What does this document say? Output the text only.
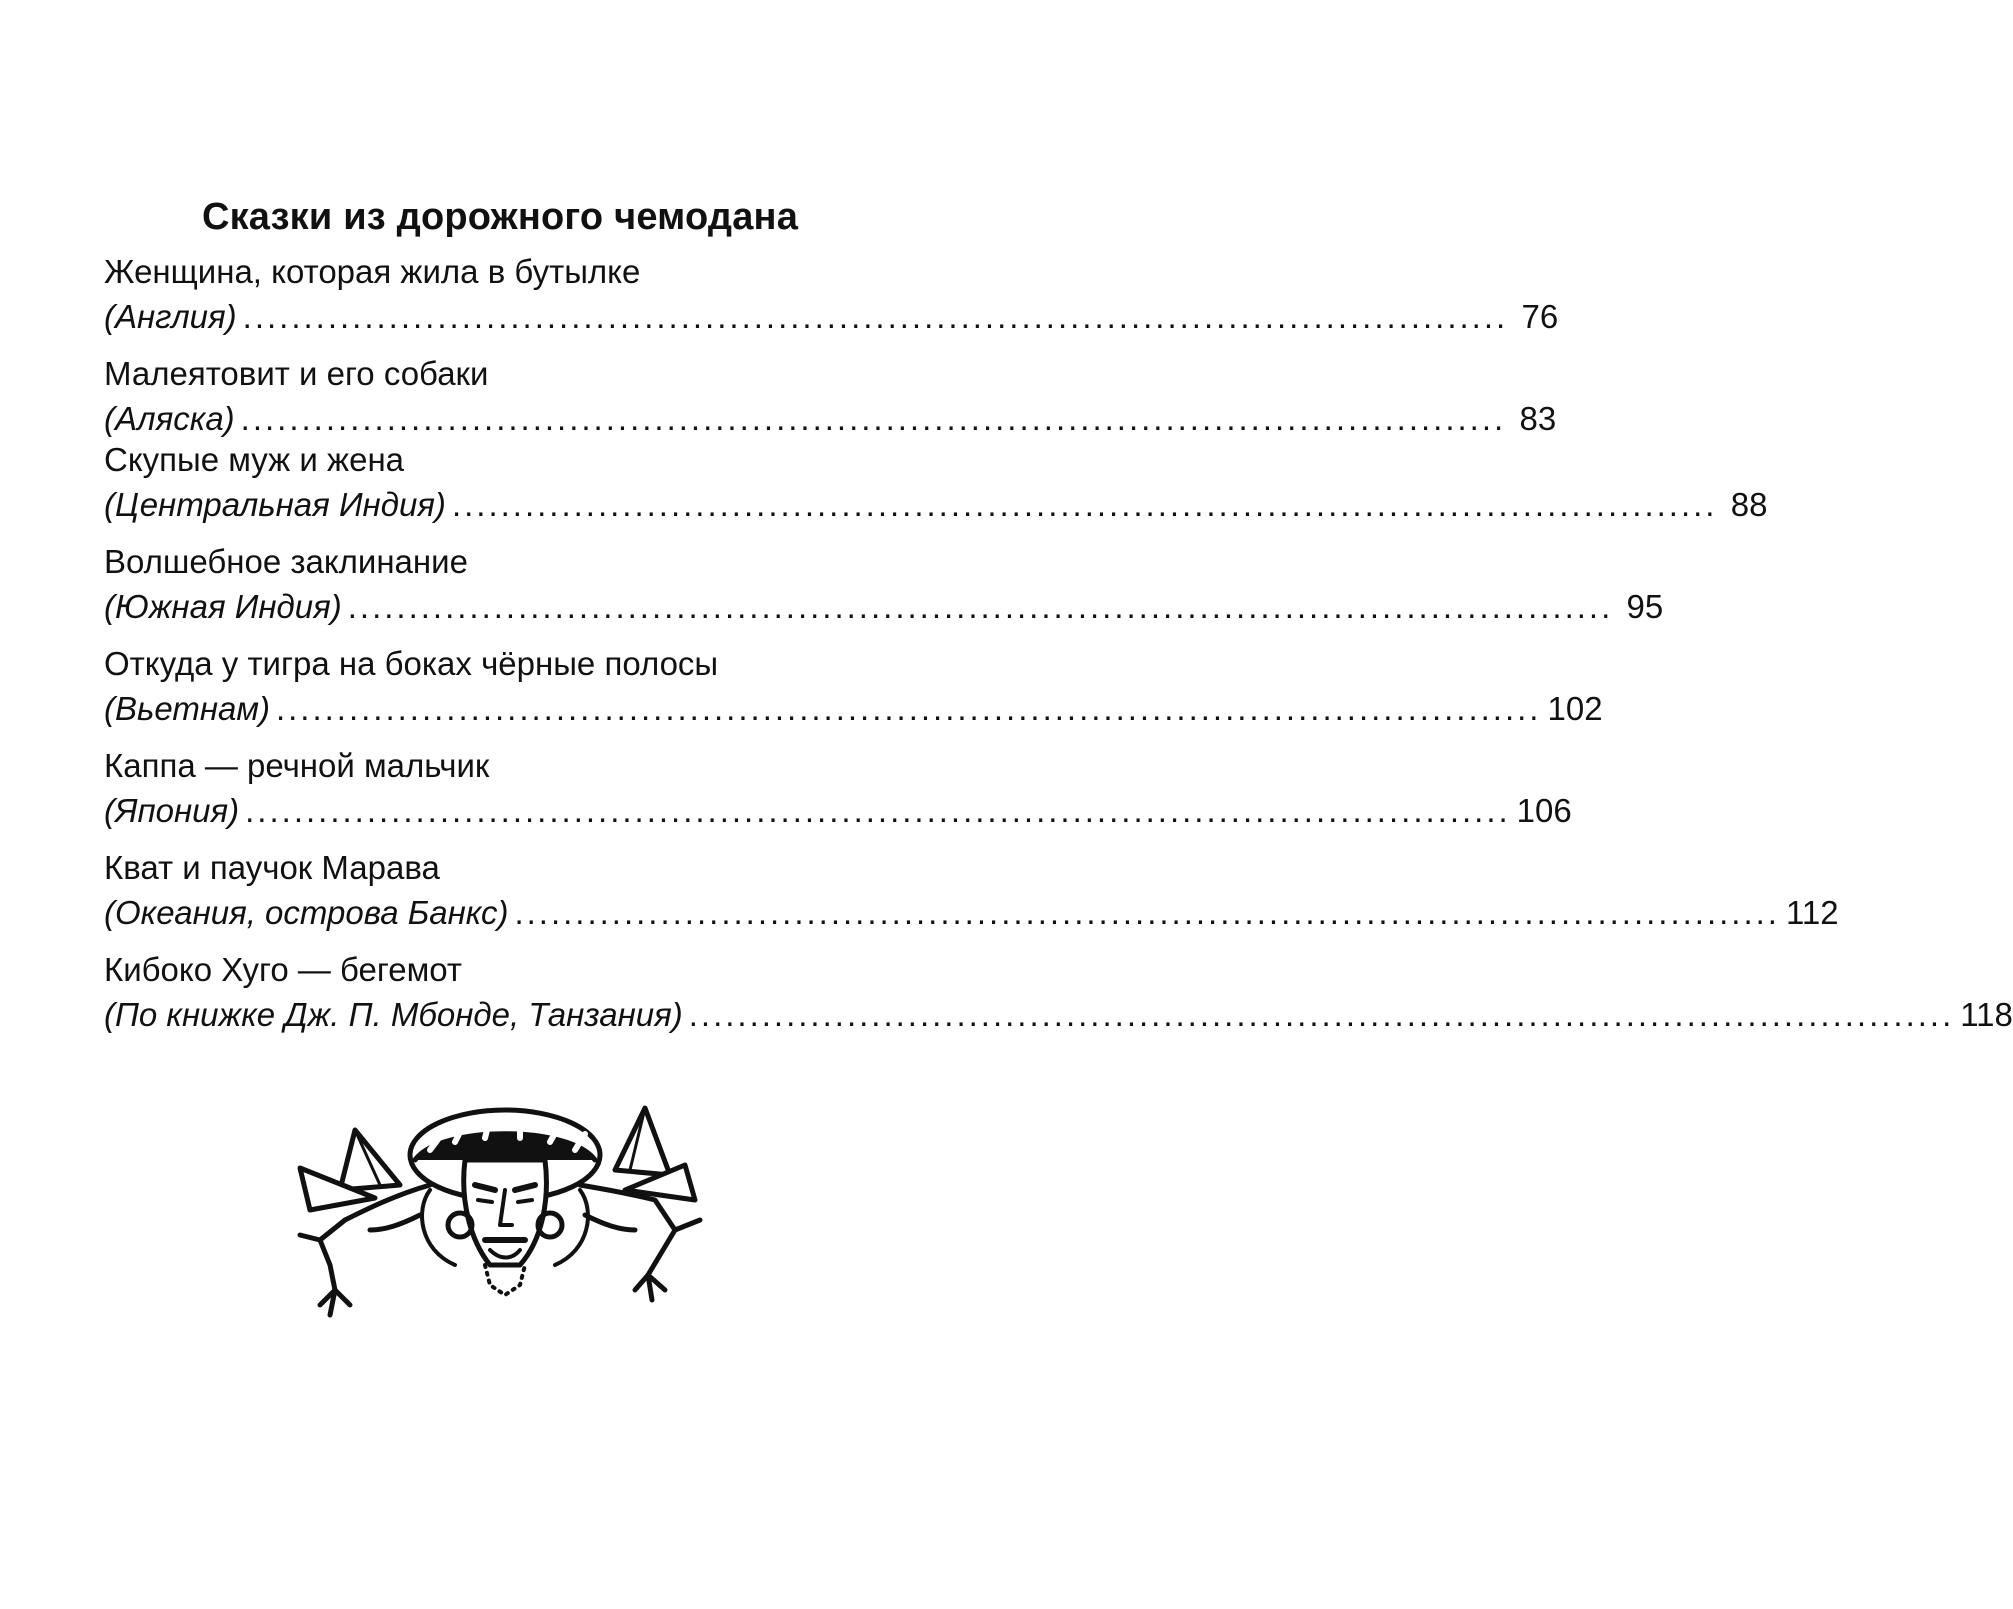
Сказки из дорожного чемодана
Женщина, которая жила в бутылке
(Англия) ........................................................................................................ 76
Малеятовит и его собаки
(Аляска) ........................................................................................................ 83
Скупые муж и жена
(Центральная Индия) ........................................................................................................ 88
Волшебное заклинание
(Южная Индия) ........................................................................................................ 95
Откуда у тигра на боках чёрные полосы
(Вьетнам) ........................................................................................................ 102
Каппа — речной мальчик
(Япония) ........................................................................................................ 106
Кват и паучок Марава
(Океания, острова Банкс) ........................................................................................................ 112
Кибоко Хуго — бегемот
(По книжке Дж. П. Мбонде, Танзания) ........................................................................................................ 118
